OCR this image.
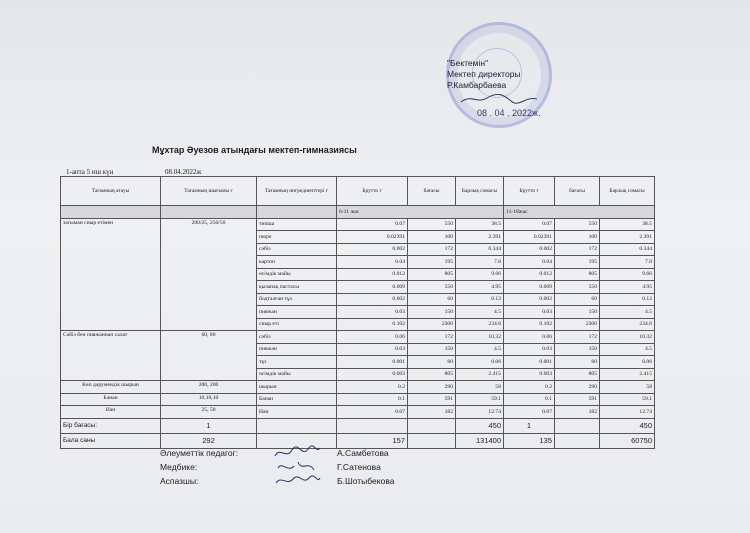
"Бектемін"
Мектеп директоры
Р.Камбарбаева
08 . 04 . 2022ж.
Мұхтар Әуезов атындағы мектеп-гимназиясы
1-апта 5 нш күн	08.04.2022ж
Тағамның атауы	Тағамның шығымы г	Тағамның ингредиенттері г	Брутто г	бағасы	Барлық сомасы	Брутто г	бағасы	Барлық сомасы
			6-11 жас			11-18жас		
загыман сиыр етімен	200/25, 250/50	типша	0.07	550	38.5	0.07	550	38.5
		пюре	0.02391	100	2.391	0.02391	100	2.391
		сәбіз	0.002	172	0.344	0.002	172	0.344
		картоп	0.04	195	7.8	0.04	195	7.8
		өсімдік майы	0.012	805	9.66	0.012	805	9.66
		қызанақ пастасы	0.009	550	4.95	0.009	550	4.95
		йодталған тұз	0.002	60	0.12	0.002	60	0.12
		пияжан	0.03	150	4.5	0.03	150	4.5
		сиыр еті	0.102	2300	234.6	0.102	2300	234.6
Сәбіз бен пияжаннан салат	60, 80	сәбіз	0.06	172	10.32	0.06	172	10.32
		пияжан	0.03	150	4.5	0.03	150	4.5
		тұз	0.001	60	0.06	0.001	60	0.06
		өсімдік майы	0.003	805	2.415	0.003	805	2.415
Көп дәрумендік шырын	200, 200	шырын	0.2	290	58	0.2	290	58
Банан	10,10,10	Банан	0.1	591	59.1	0.1	591	59.1
Нан	25, 50	Нан	0.07	182	12.74	0.07	182	12.74
Бір бағасы:	1				450	1		450
Бала саны	292		157		131400	135		60750
Әлеуметтік педагог:	А.Самбетова
Медбике:	Г.Сатенова
Аспазшы:	Б.Шотыбекова
